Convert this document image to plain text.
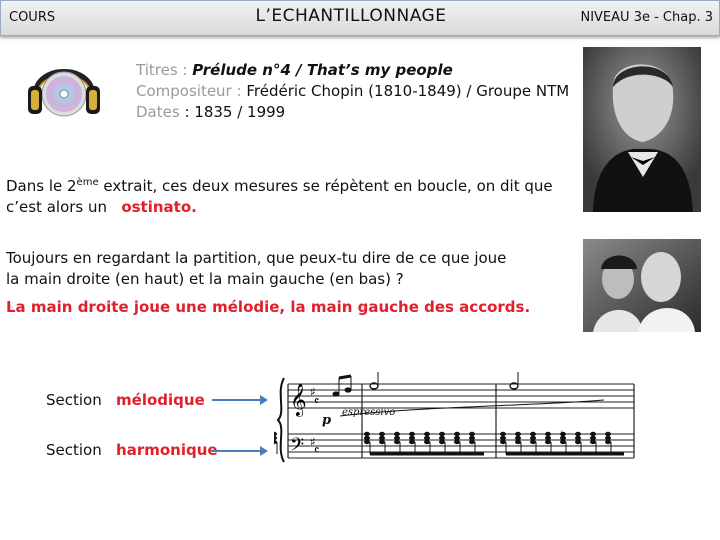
COURS	L’ECHANTILLONNAGE	NIVEAU 3e - Chap. 3
Titres : Prélude n°4 / That’s my people
Compositeur : Frédéric Chopin (1810-1849) / Groupe NTM
Dates : 1835 / 1999
Dans le 2ème extrait, ces deux mesures se répètent en boucle, on dit que
c’est alors un ostinato.
Toujours en regardant la partition, que peux-tu dire de ce que joue
la main droite (en haut) et la main gauche (en bas) ?
La main droite joue une mélodie, la main gauche des accords.
Section mélodique
Section harmonique
𝄞
𝄢
♯
𝄴
♯
𝄴
♭
p
espressivo
